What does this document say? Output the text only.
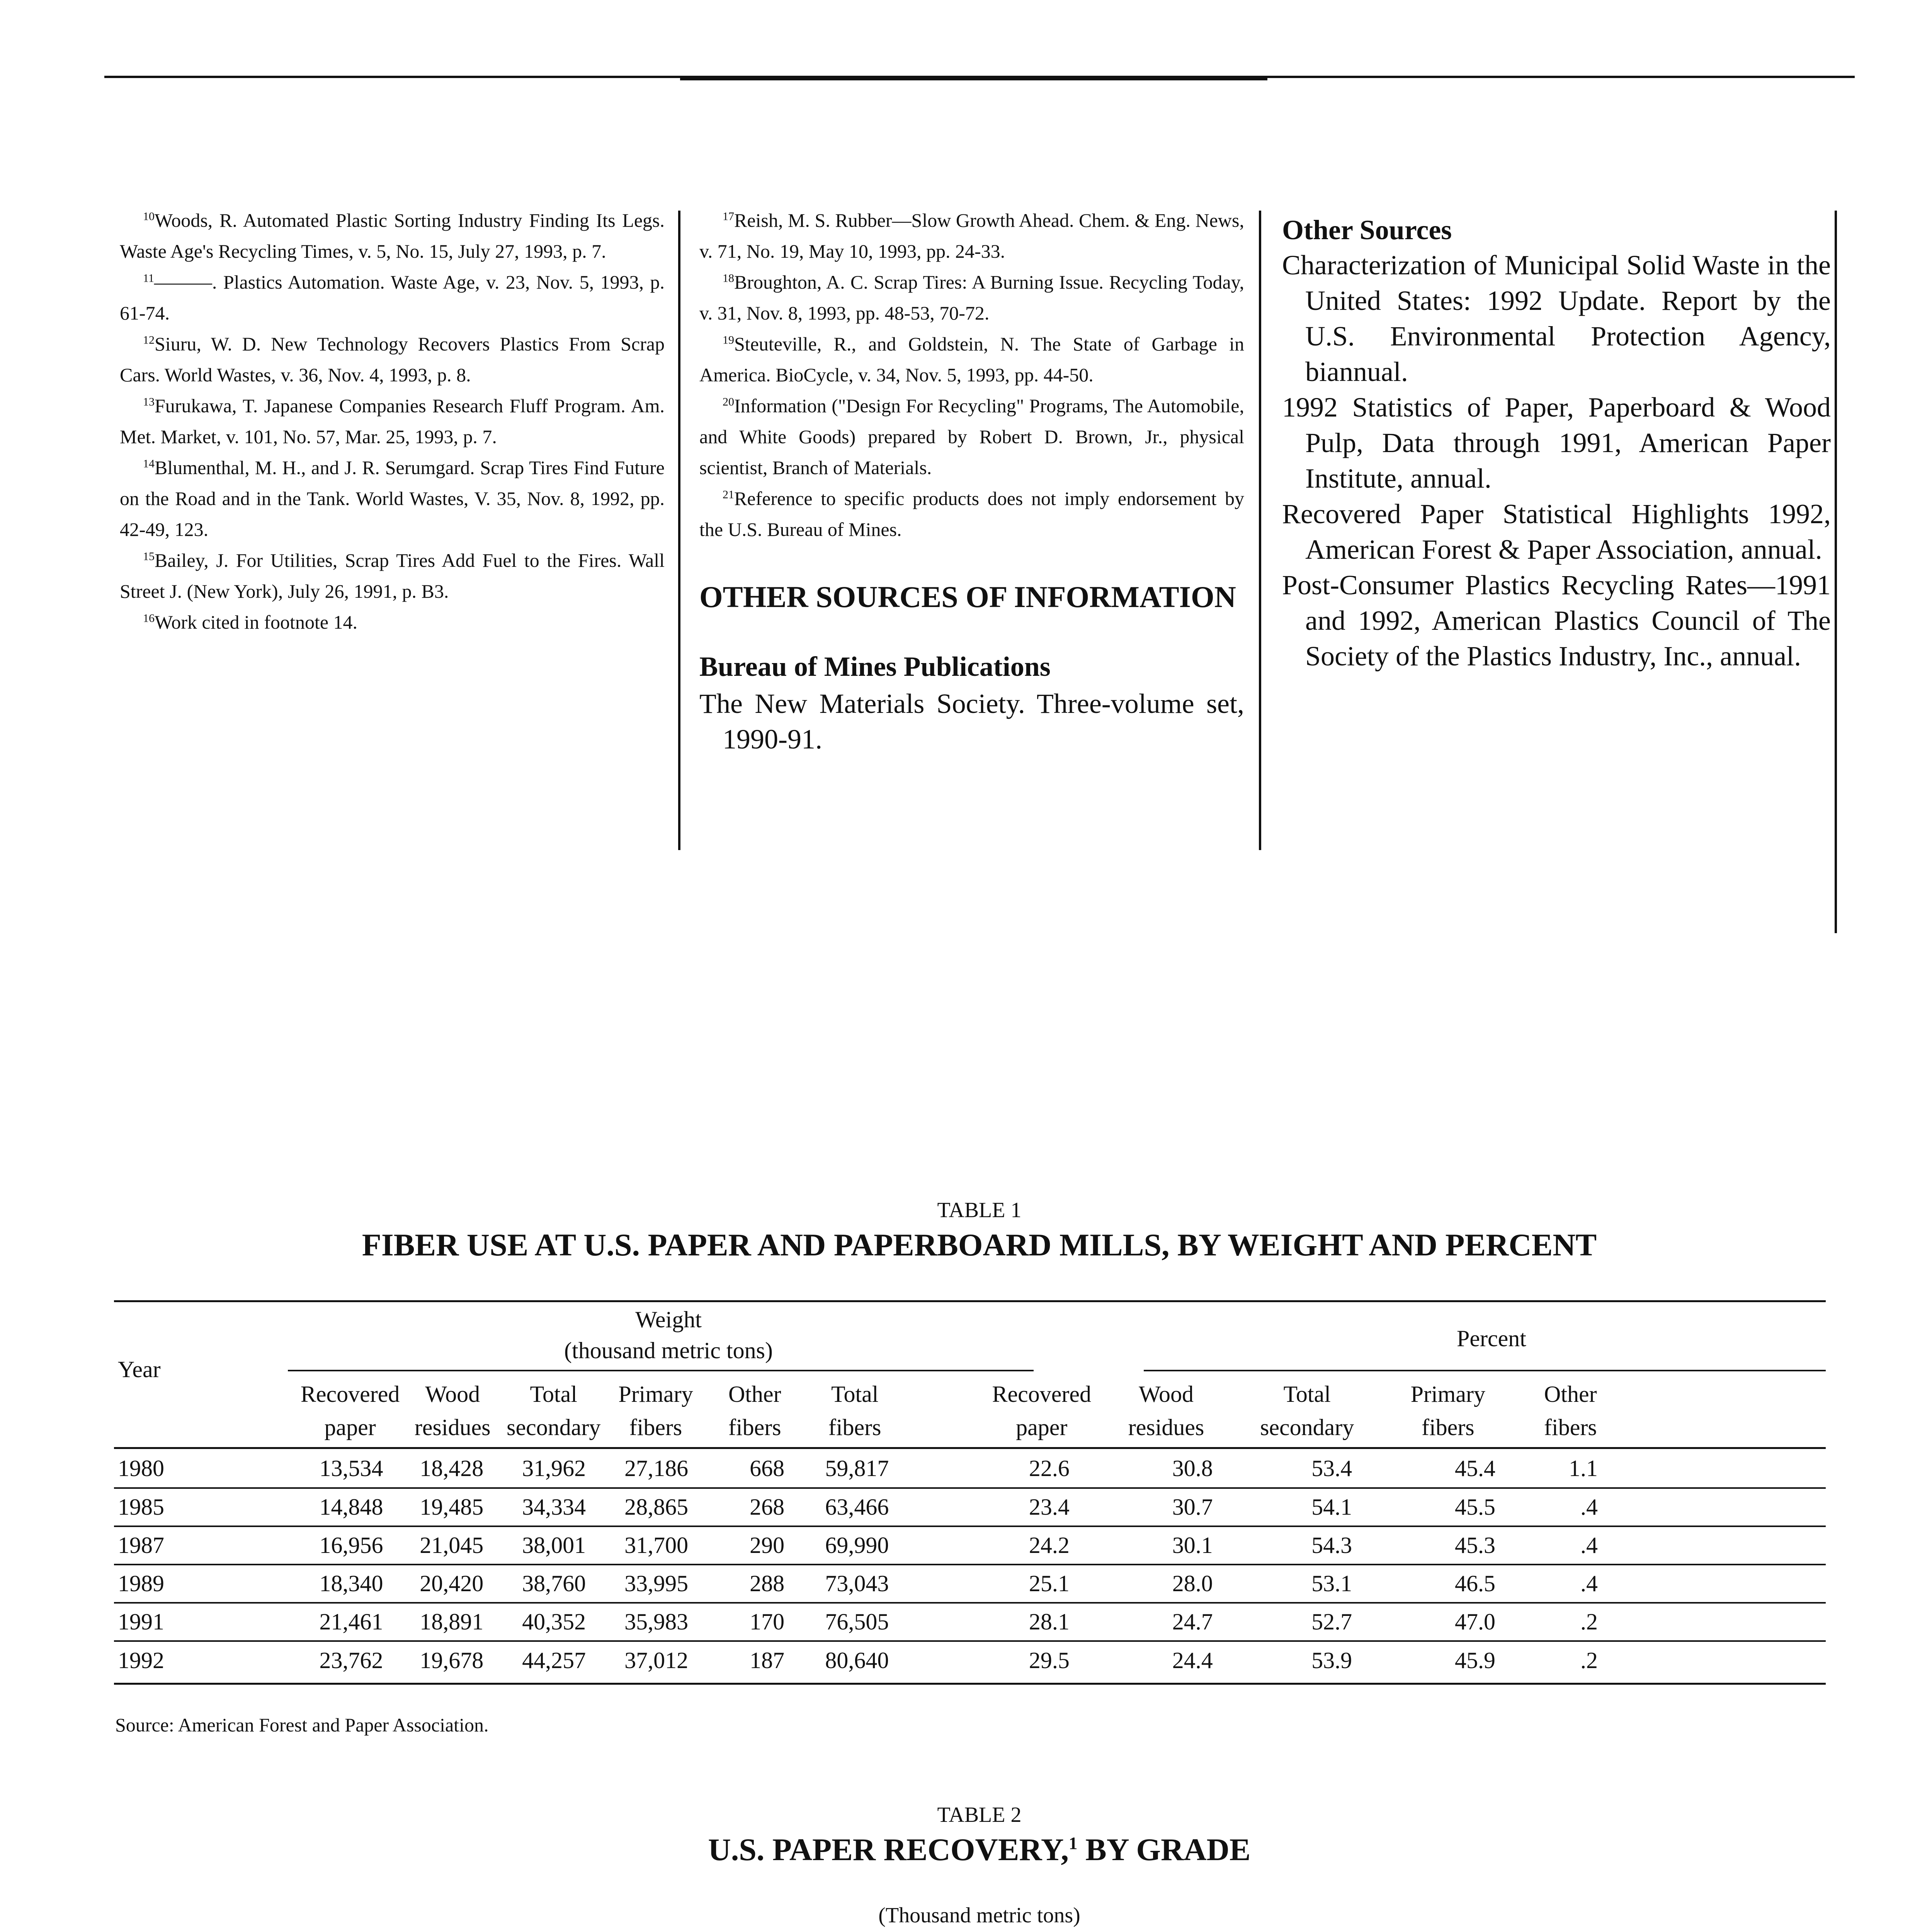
$^{10}$Woods, R. Automated Plastic Sorting Industry Finding Its Legs. Waste Age's Recycling Times, v. 5, No. 15, July 27, 1993, p. 7.

$^{11}$———. Plastics Automation. Waste Age, v. 23, Nov. 5, 1993, p. 61-74.

$^{12}$Siuru, W. D. New Technology Recovers Plastics From Scrap Cars. World Wastes, v. 36, Nov. 4, 1993, p. 8.

$^{13}$Furukawa, T. Japanese Companies Research Fluff Program. Am. Met. Market, v. 101, No. 57, Mar. 25, 1993, p. 7.

$^{14}$Blumenthal, M. H., and J. R. Serumgard. Scrap Tires Find Future on the Road and in the Tank. World Wastes, V. 35, Nov. 8, 1992, pp. 42-49, 123.

$^{15}$Bailey, J. For Utilities, Scrap Tires Add Fuel to the Fires. Wall Street J. (New York), July 26, 1991, p. B3.

$^{16}$Work cited in footnote 14.

$^{17}$Reish, M. S. Rubber—Slow Growth Ahead. Chem. & Eng. News, v. 71, No. 19, May 10, 1993, pp. 24-33.

$^{18}$Broughton, A. C. Scrap Tires: A Burning Issue. Recycling Today, v. 31, Nov. 8, 1993, pp. 48-53, 70-72.

$^{19}$Steuteville, R., and Goldstein, N. The State of Garbage in America. BioCycle, v. 34, Nov. 5, 1993, pp. 44-50.

$^{20}$Information ("Design For Recycling" Programs, The Automobile, and White Goods) prepared by Robert D. Brown, Jr., physical scientist, Branch of Materials.

$^{21}$Reference to specific products does not imply endorsement by the U.S. Bureau of Mines.

OTHER SOURCES OF INFORMATION
Bureau of Mines Publications

The New Materials Society. Three-volume set, 1990-91.

Other Sources

Characterization of Municipal Solid Waste in the United States: 1992 Update. Report by the U.S. Environmental Protection Agency, biannual.

1992 Statistics of Paper, Paperboard & Wood Pulp, Data through 1991, American Paper Institute, annual.

Recovered Paper Statistical Highlights 1992, American Forest & Paper Association, annual.

Post-Consumer Plastics Recycling Rates—1991 and 1992, American Plastics Council of The Society of the Plastics Industry, Inc., annual.

TABLE 1
FIBER USE AT U.S. PAPER AND PAPERBOARD MILLS, BY WEIGHT AND PERCENT
Weight
(thousand metric tons)	Percent
Year
	Recovered	Wood	Total	Primary	Other	Total		Recovered	Wood	Total	Primary	Other	
	paper	residues	secondary	fibers	fibers	fibers		paper	residues	secondary	fibers	fibers	
1980	13,534	18,428	31,962	27,186	668	59,817		22.6	30.8	53.4	45.4	1.1	
1985	14,848	19,485	34,334	28,865	268	63,466		23.4	30.7	54.1	45.5	.4	
1987	16,956	21,045	38,001	31,700	290	69,990		24.2	30.1	54.3	45.3	.4	
1989	18,340	20,420	38,760	33,995	288	73,043		25.1	28.0	53.1	46.5	.4	
1991	21,461	18,891	40,352	35,983	170	76,505		28.1	24.7	52.7	47.0	.2	
1992	23,762	19,678	44,257	37,012	187	80,640		29.5	24.4	53.9	45.9	.2	
Source: American Forest and Paper Association.
TABLE 2
U.S. PAPER RECOVERY,$^1$ BY GRADE
(Thousand metric tons)
